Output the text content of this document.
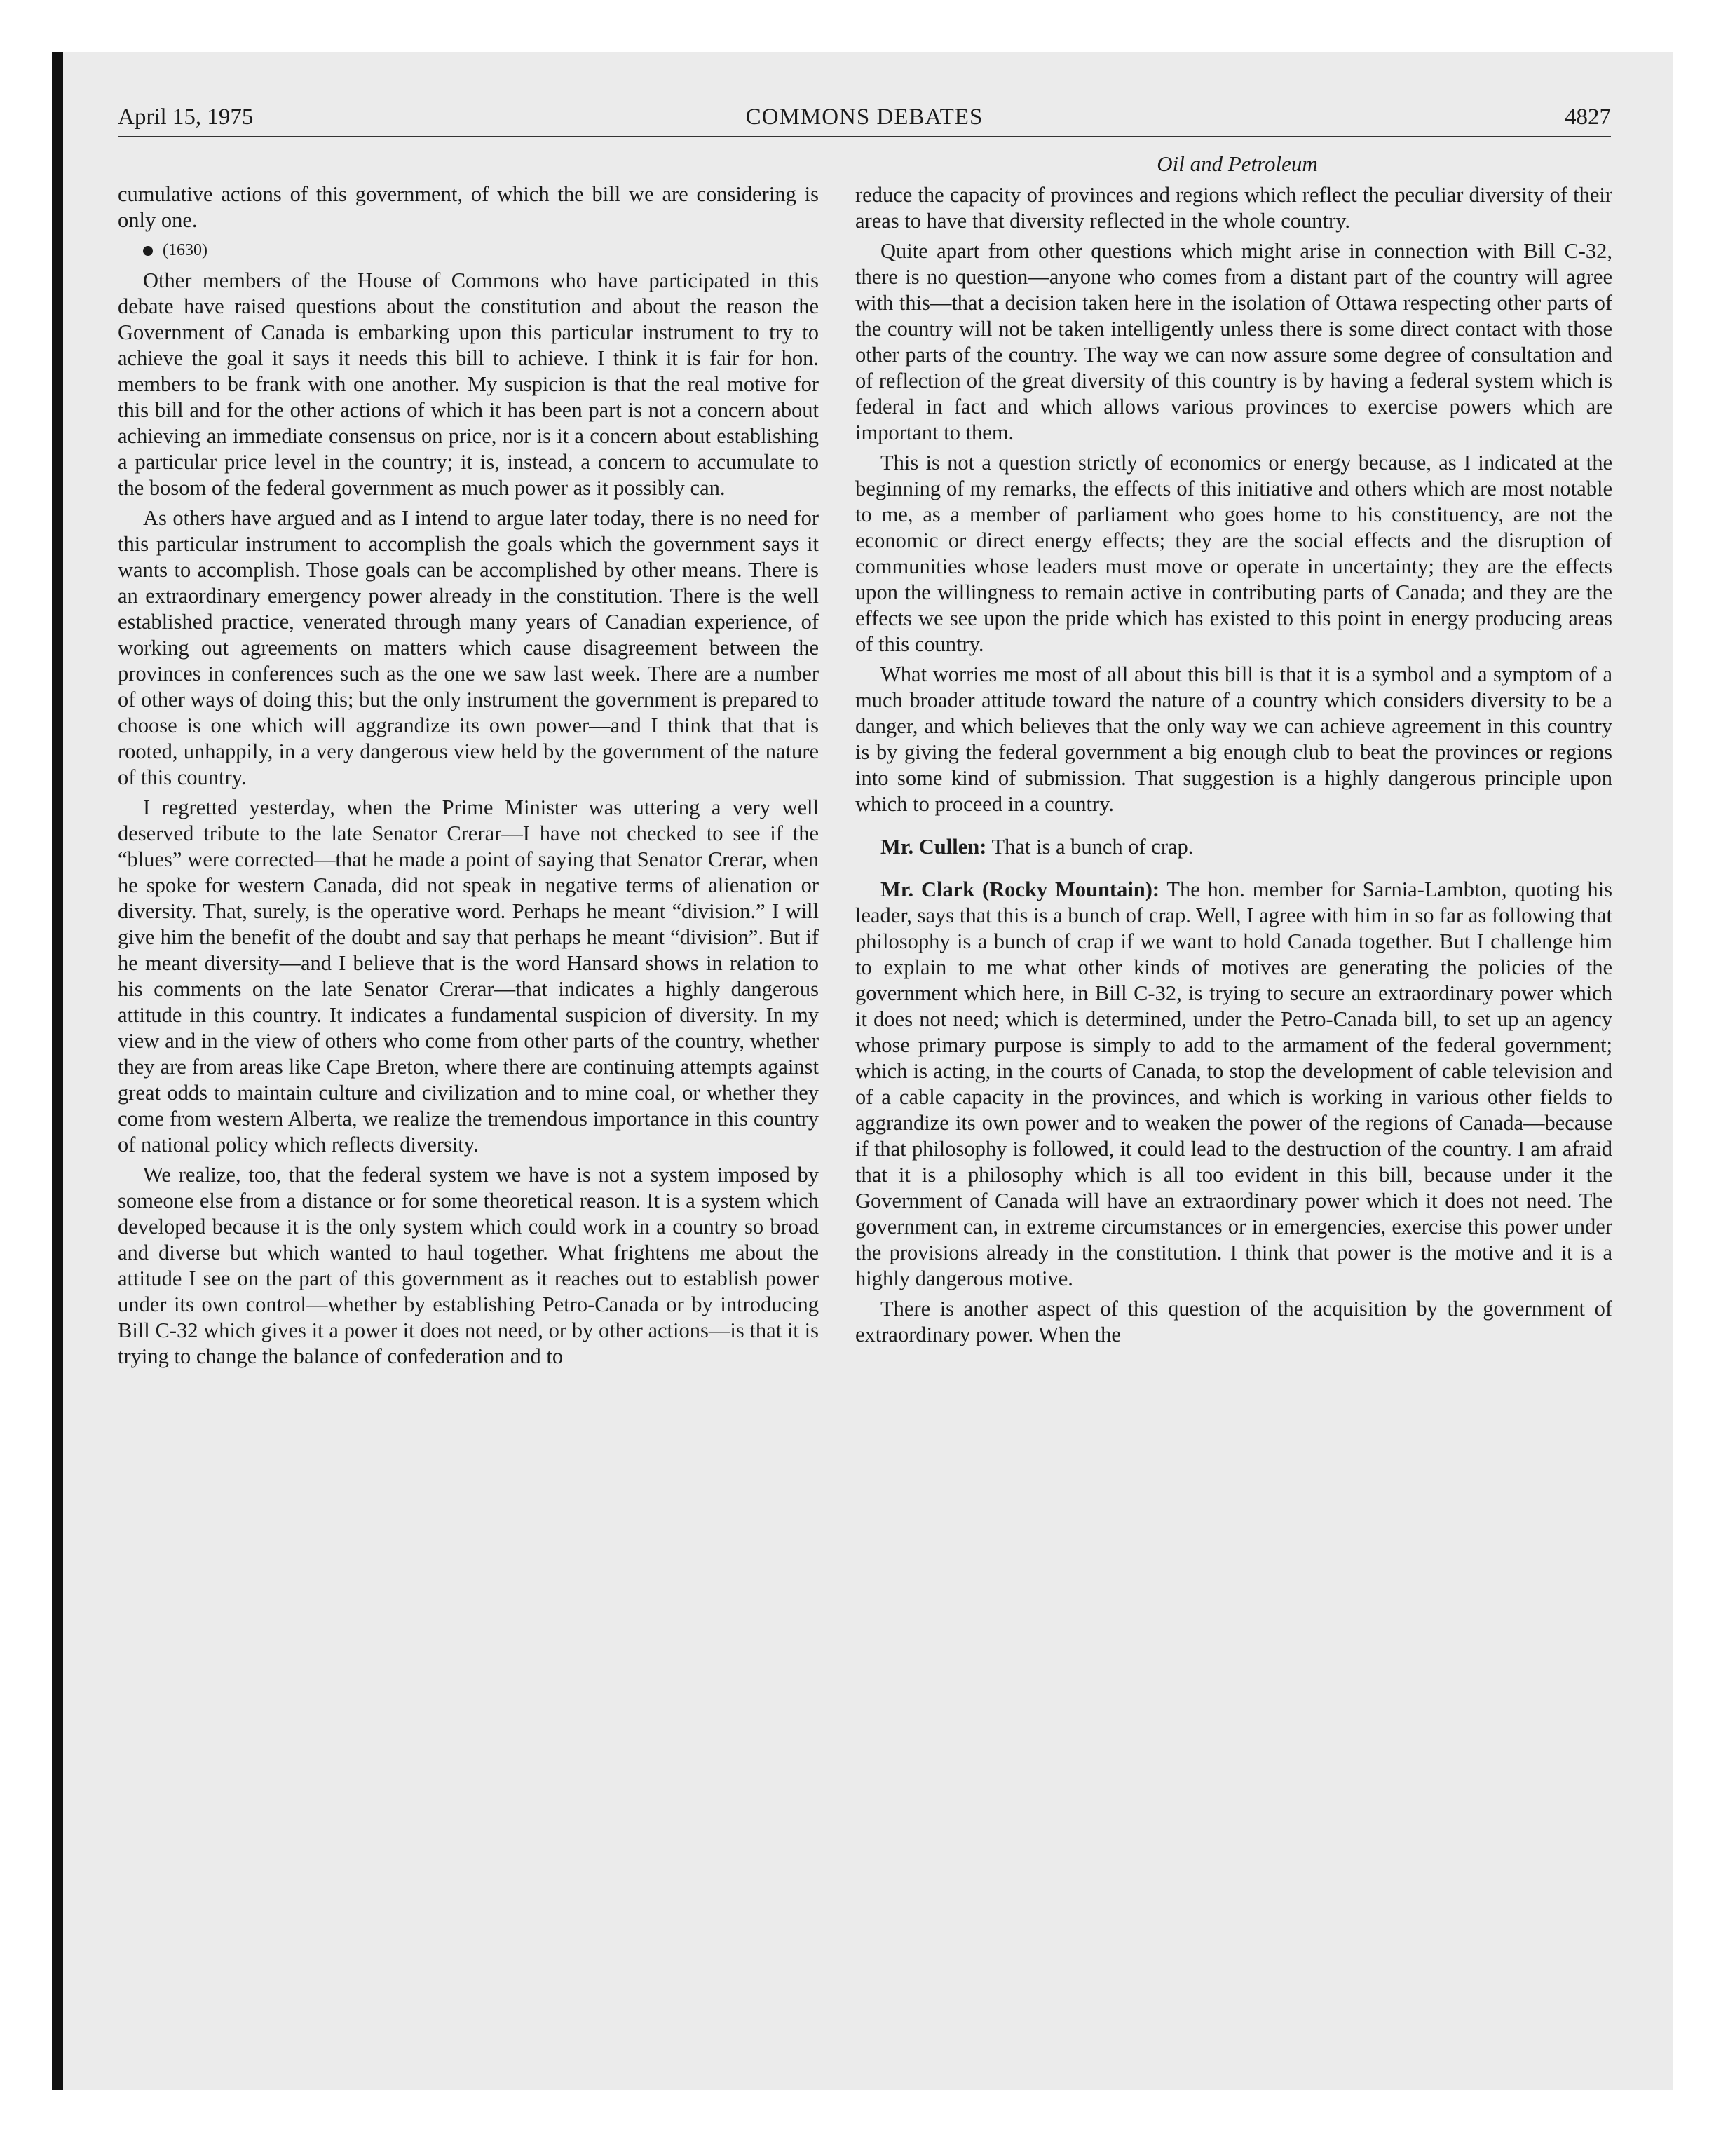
April 15, 1975	COMMONS DEBATES	4827
Oil and Petroleum

cumulative actions of this government, of which the bill we are considering is only one.

(1630)

Other members of the House of Commons who have participated in this debate have raised questions about the constitution and about the reason the Government of Canada is embarking upon this particular instrument to try to achieve the goal it says it needs this bill to achieve. I think it is fair for hon. members to be frank with one another. My suspicion is that the real motive for this bill and for the other actions of which it has been part is not a concern about achieving an immediate consensus on price, nor is it a concern about establishing a particular price level in the country; it is, instead, a concern to accumulate to the bosom of the federal government as much power as it possibly can.

As others have argued and as I intend to argue later today, there is no need for this particular instrument to accomplish the goals which the government says it wants to accomplish. Those goals can be accomplished by other means. There is an extraordinary emergency power already in the constitution. There is the well established practice, venerated through many years of Canadian experience, of working out agreements on matters which cause disagreement between the provinces in conferences such as the one we saw last week. There are a number of other ways of doing this; but the only instrument the government is prepared to choose is one which will aggrandize its own power—and I think that that is rooted, unhappily, in a very dangerous view held by the government of the nature of this country.

I regretted yesterday, when the Prime Minister was uttering a very well deserved tribute to the late Senator Crerar—I have not checked to see if the “blues” were corrected—that he made a point of saying that Senator Crerar, when he spoke for western Canada, did not speak in negative terms of alienation or diversity. That, surely, is the operative word. Perhaps he meant “division.” I will give him the benefit of the doubt and say that perhaps he meant “division”. But if he meant diversity—and I believe that is the word Hansard shows in relation to his comments on the late Senator Crerar—that indicates a highly dangerous attitude in this country. It indicates a fundamental suspicion of diversity. In my view and in the view of others who come from other parts of the country, whether they are from areas like Cape Breton, where there are continuing attempts against great odds to maintain culture and civilization and to mine coal, or whether they come from western Alberta, we realize the tremendous importance in this country of national policy which reflects diversity.

We realize, too, that the federal system we have is not a system imposed by someone else from a distance or for some theoretical reason. It is a system which developed because it is the only system which could work in a country so broad and diverse but which wanted to haul together. What frightens me about the attitude I see on the part of this government as it reaches out to establish power under its own control—whether by establishing Petro-Canada or by introducing Bill C-32 which gives it a power it does not need, or by other actions—is that it is trying to change the balance of confederation and to

reduce the capacity of provinces and regions which reflect the peculiar diversity of their areas to have that diversity reflected in the whole country.

Quite apart from other questions which might arise in connection with Bill C-32, there is no question—anyone who comes from a distant part of the country will agree with this—that a decision taken here in the isolation of Ottawa respecting other parts of the country will not be taken intelligently unless there is some direct contact with those other parts of the country. The way we can now assure some degree of consultation and of reflection of the great diversity of this country is by having a federal system which is federal in fact and which allows various provinces to exercise powers which are important to them.

This is not a question strictly of economics or energy because, as I indicated at the beginning of my remarks, the effects of this initiative and others which are most notable to me, as a member of parliament who goes home to his constituency, are not the economic or direct energy effects; they are the social effects and the disruption of communities whose leaders must move or operate in uncertainty; they are the effects upon the willingness to remain active in contributing parts of Canada; and they are the effects we see upon the pride which has existed to this point in energy producing areas of this country.

What worries me most of all about this bill is that it is a symbol and a symptom of a much broader attitude toward the nature of a country which considers diversity to be a danger, and which believes that the only way we can achieve agreement in this country is by giving the federal government a big enough club to beat the provinces or regions into some kind of submission. That suggestion is a highly dangerous principle upon which to proceed in a country.

Mr. Cullen: That is a bunch of crap.

Mr. Clark (Rocky Mountain): The hon. member for Sarnia-Lambton, quoting his leader, says that this is a bunch of crap. Well, I agree with him in so far as following that philosophy is a bunch of crap if we want to hold Canada together. But I challenge him to explain to me what other kinds of motives are generating the policies of the government which here, in Bill C-32, is trying to secure an extraordinary power which it does not need; which is determined, under the Petro-Canada bill, to set up an agency whose primary purpose is simply to add to the armament of the federal government; which is acting, in the courts of Canada, to stop the development of cable television and of a cable capacity in the provinces, and which is working in various other fields to aggrandize its own power and to weaken the power of the regions of Canada—because if that philosophy is followed, it could lead to the destruction of the country. I am afraid that it is a philosophy which is all too evident in this bill, because under it the Government of Canada will have an extraordinary power which it does not need. The government can, in extreme circumstances or in emergencies, exercise this power under the provisions already in the constitution. I think that power is the motive and it is a highly dangerous motive.

There is another aspect of this question of the acquisition by the government of extraordinary power. When the
